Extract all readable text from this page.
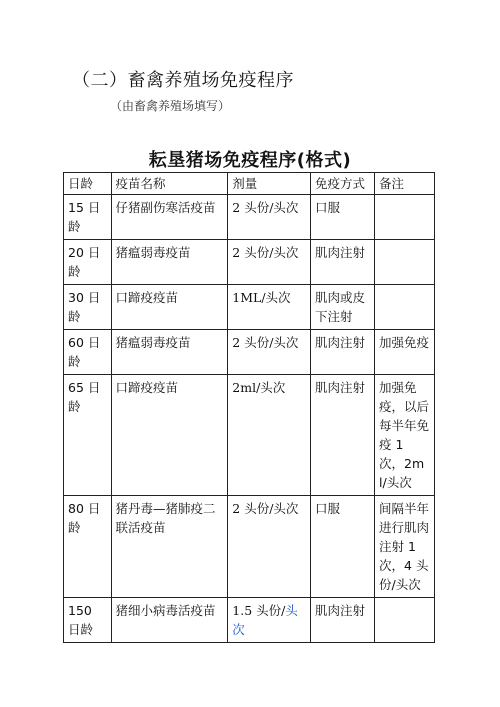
（二）畜禽养殖场免疫程序
（由畜禽养殖场填写）
耘垦猪场免疫程序(格式)
日龄	疫苗名称	剂量	免疫方式	备注
15 日龄	仔猪副伤寒活疫苗	2 头份/头次	口服	
20 日龄	猪瘟弱毒疫苗	2 头份/头次	肌肉注射	
30 日龄	口蹄疫疫苗	1ML/头次	肌肉或皮下注射	
60 日龄	猪瘟弱毒疫苗	2 头份/头次	肌肉注射	加强免疫
65 日龄	口蹄疫疫苗	2ml/头次	肌肉注射	加强免疫，以后每半年免疫 1 次，2ml/头次
80 日龄	猪丹毒—猪肺疫二联活疫苗	2 头份/头次	口服	间隔半年进行肌肉注射 1 次，4 头份/头次
150 日龄	猪细小病毒活疫苗	1.5 头份/头次	肌肉注射	
